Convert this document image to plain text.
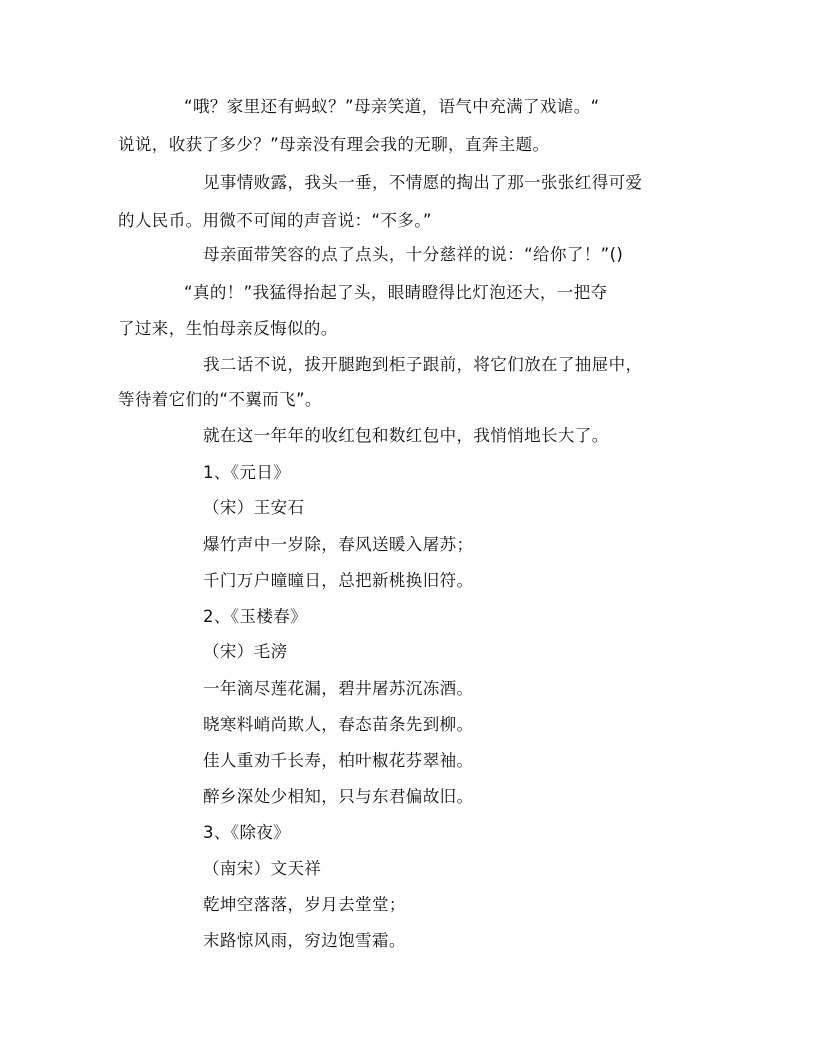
“哦？家里还有蚂蚁？”母亲笑道，语气中充满了戏谑。“
说说，收获了多少？”母亲没有理会我的无聊，直奔主题。
见事情败露，我头一垂，不情愿的掏出了那一张张红得可爱
的人民币。用微不可闻的声音说：“不多。”
母亲面带笑容的点了点头，十分慈祥的说：“给你了！”()
“真的！”我猛得抬起了头，眼睛瞪得比灯泡还大，一把夺
了过来，生怕母亲反悔似的。
我二话不说，拔开腿跑到柜子跟前，将它们放在了抽屉中，
等待着它们的“不翼而飞”。
就在这一年年的收红包和数红包中，我悄悄地长大了。
1、《元日》
（宋）王安石
爆竹声中一岁除，春风送暖入屠苏；
千门万户曈曈日，总把新桃换旧符。
2、《玉楼春》
（宋）毛滂
一年滴尽莲花漏，碧井屠苏沉冻酒。
晓寒料峭尚欺人，春态苗条先到柳。
佳人重劝千长寿，柏叶椒花芬翠袖。
醉乡深处少相知，只与东君偏故旧。
3、《除夜》
（南宋）文天祥
乾坤空落落，岁月去堂堂；
末路惊风雨，穷边饱雪霜。
